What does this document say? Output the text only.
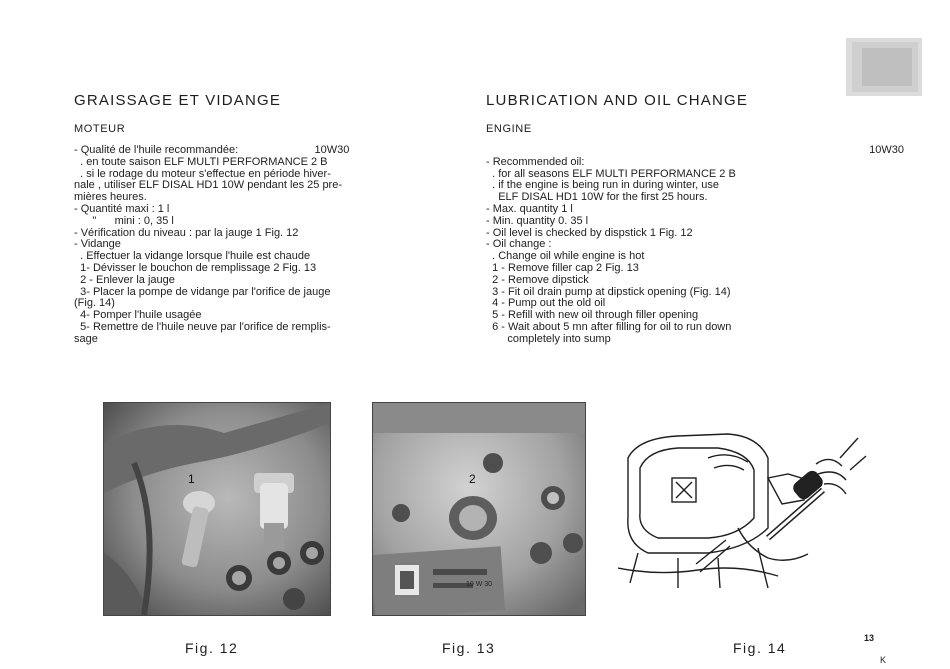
GRAISSAGE ET VIDANGE
MOTEUR
- Qualité de l'huile recommandée:                         10W30
. en toute saison ELF MULTI PERFORMANCE 2 B
. si le rodage du moteur s'effectue en période hiver-
nale , utiliser ELF DISAL HD1 10W pendant les 25 pre-
mières heures.
- Quantité maxi : 1 l
"      mini : 0, 35 l
- Vérification du niveau : par la jauge 1 Fig. 12
- Vidange
. Effectuer la vidange lorsque l'huile est chaude
1- Dévisser le bouchon de remplissage 2 Fig. 13
2 - Enlever la jauge
3- Placer la pompe de vidange par l'orifice de jauge
(Fig. 14)
4- Pomper l'huile usagée
5- Remettre de l'huile neuve par l'orifice de remplis-
sage
LUBRICATION AND OIL CHANGE
ENGINE
10W30
- Recommended oil:
. for all seasons ELF MULTI PERFORMANCE 2 B
. if the engine is being run in during winter, use
ELF DISAL HD1 10W for the first 25 hours.
- Max. quantity 1 l
- Min. quantity 0. 35 l
- Oil level is checked by dispstick 1 Fig. 12
- Oil change :
. Change oil while engine is hot
1 - Remove filler cap 2 Fig. 13
2 - Remove dipstick
3 - Fit oil drain pump at dipstick opening (Fig. 14)
4 - Pump out the old oil
5 - Refill with new oil through filler opening
6 - Wait about 5 mn after filling for oil to run down
completely into sump
1
10 W 30
2
Fig. 12	Fig. 13	Fig. 14
13
K
